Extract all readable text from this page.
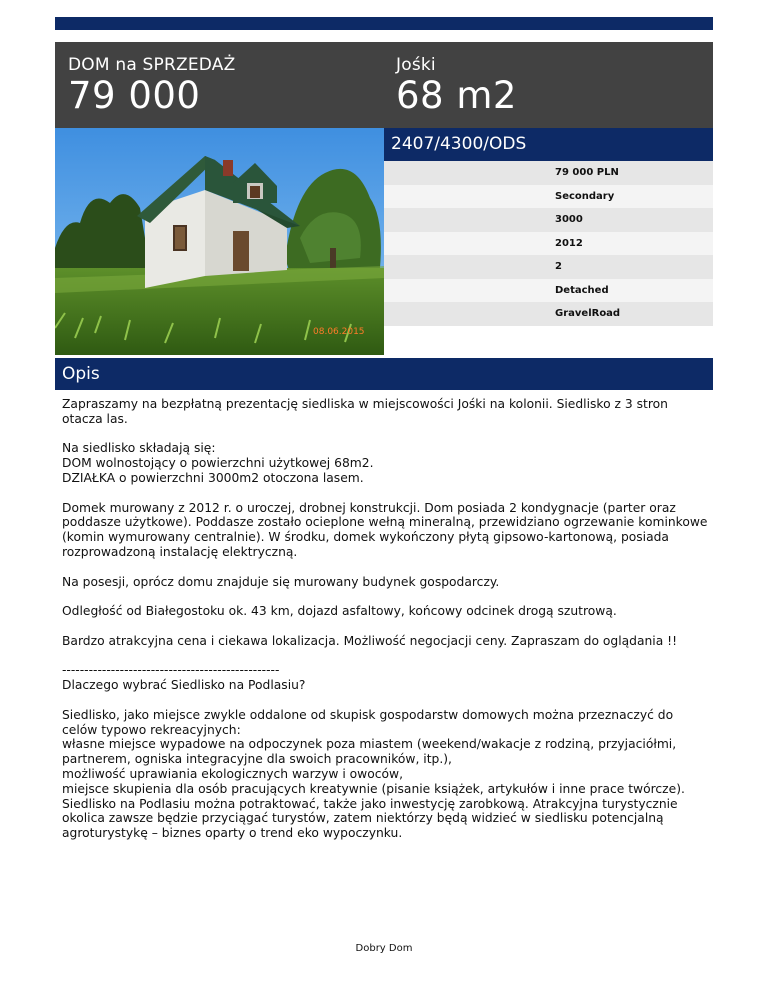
DOM na SPRZEDAŻ
79 000
Jośki
68 m2
08.06.2015
2407/4300/ODS
79 000 PLN
Secondary
3000
2012
2
Detached
GravelRoad
Opis

Zapraszamy na bezpłatną prezentację siedliska w miejscowości Jośki na kolonii. Siedlisko z 3 stron otacza las.

Na siedlisko składają się:
DOM wolnostojący o powierzchni użytkowej 68m2.
DZIAŁKA o powierzchni 3000m2 otoczona lasem.

Domek murowany z 2012 r. o uroczej, drobnej konstrukcji. Dom posiada 2 kondygnacje (parter oraz poddasze użytkowe). Poddasze zostało ocieplone wełną mineralną, przewidziano ogrzewanie kominkowe (komin wymurowany centralnie). W środku, domek wykończony płytą gipsowo-kartonową, posiada rozprowadzoną instalację elektryczną.

Na posesji, oprócz domu znajduje się murowany budynek gospodarczy.

Odległość od Białegostoku ok. 43 km, dojazd asfaltowy, końcowy odcinek drogą szutrową.

Bardzo atrakcyjna cena i ciekawa lokalizacja. Możliwość negocjacji ceny. Zapraszam do oglądania !!

-------------------------------------------------
Dlaczego wybrać Siedlisko na Podlasiu?

Siedlisko, jako miejsce zwykle oddalone od skupisk gospodarstw domowych można przeznaczyć do celów typowo rekreacyjnych:
własne miejsce wypadowe na odpoczynek poza miastem (weekend/wakacje z rodziną, przyjaciółmi, partnerem, ogniska integracyjne dla swoich pracowników, itp.),
możliwość uprawiania ekologicznych warzyw i owoców,
miejsce skupienia dla osób pracujących kreatywnie (pisanie książek, artykułów i inne prace twórcze).
Siedlisko na Podlasiu można potraktować, także jako inwestycję zarobkową. Atrakcyjna turystycznie okolica zawsze będzie przyciągać turystów, zatem niektórzy będą widzieć w siedlisku potencjalną agroturystykę – biznes oparty o trend eko wypoczynku.

Dobry Dom
